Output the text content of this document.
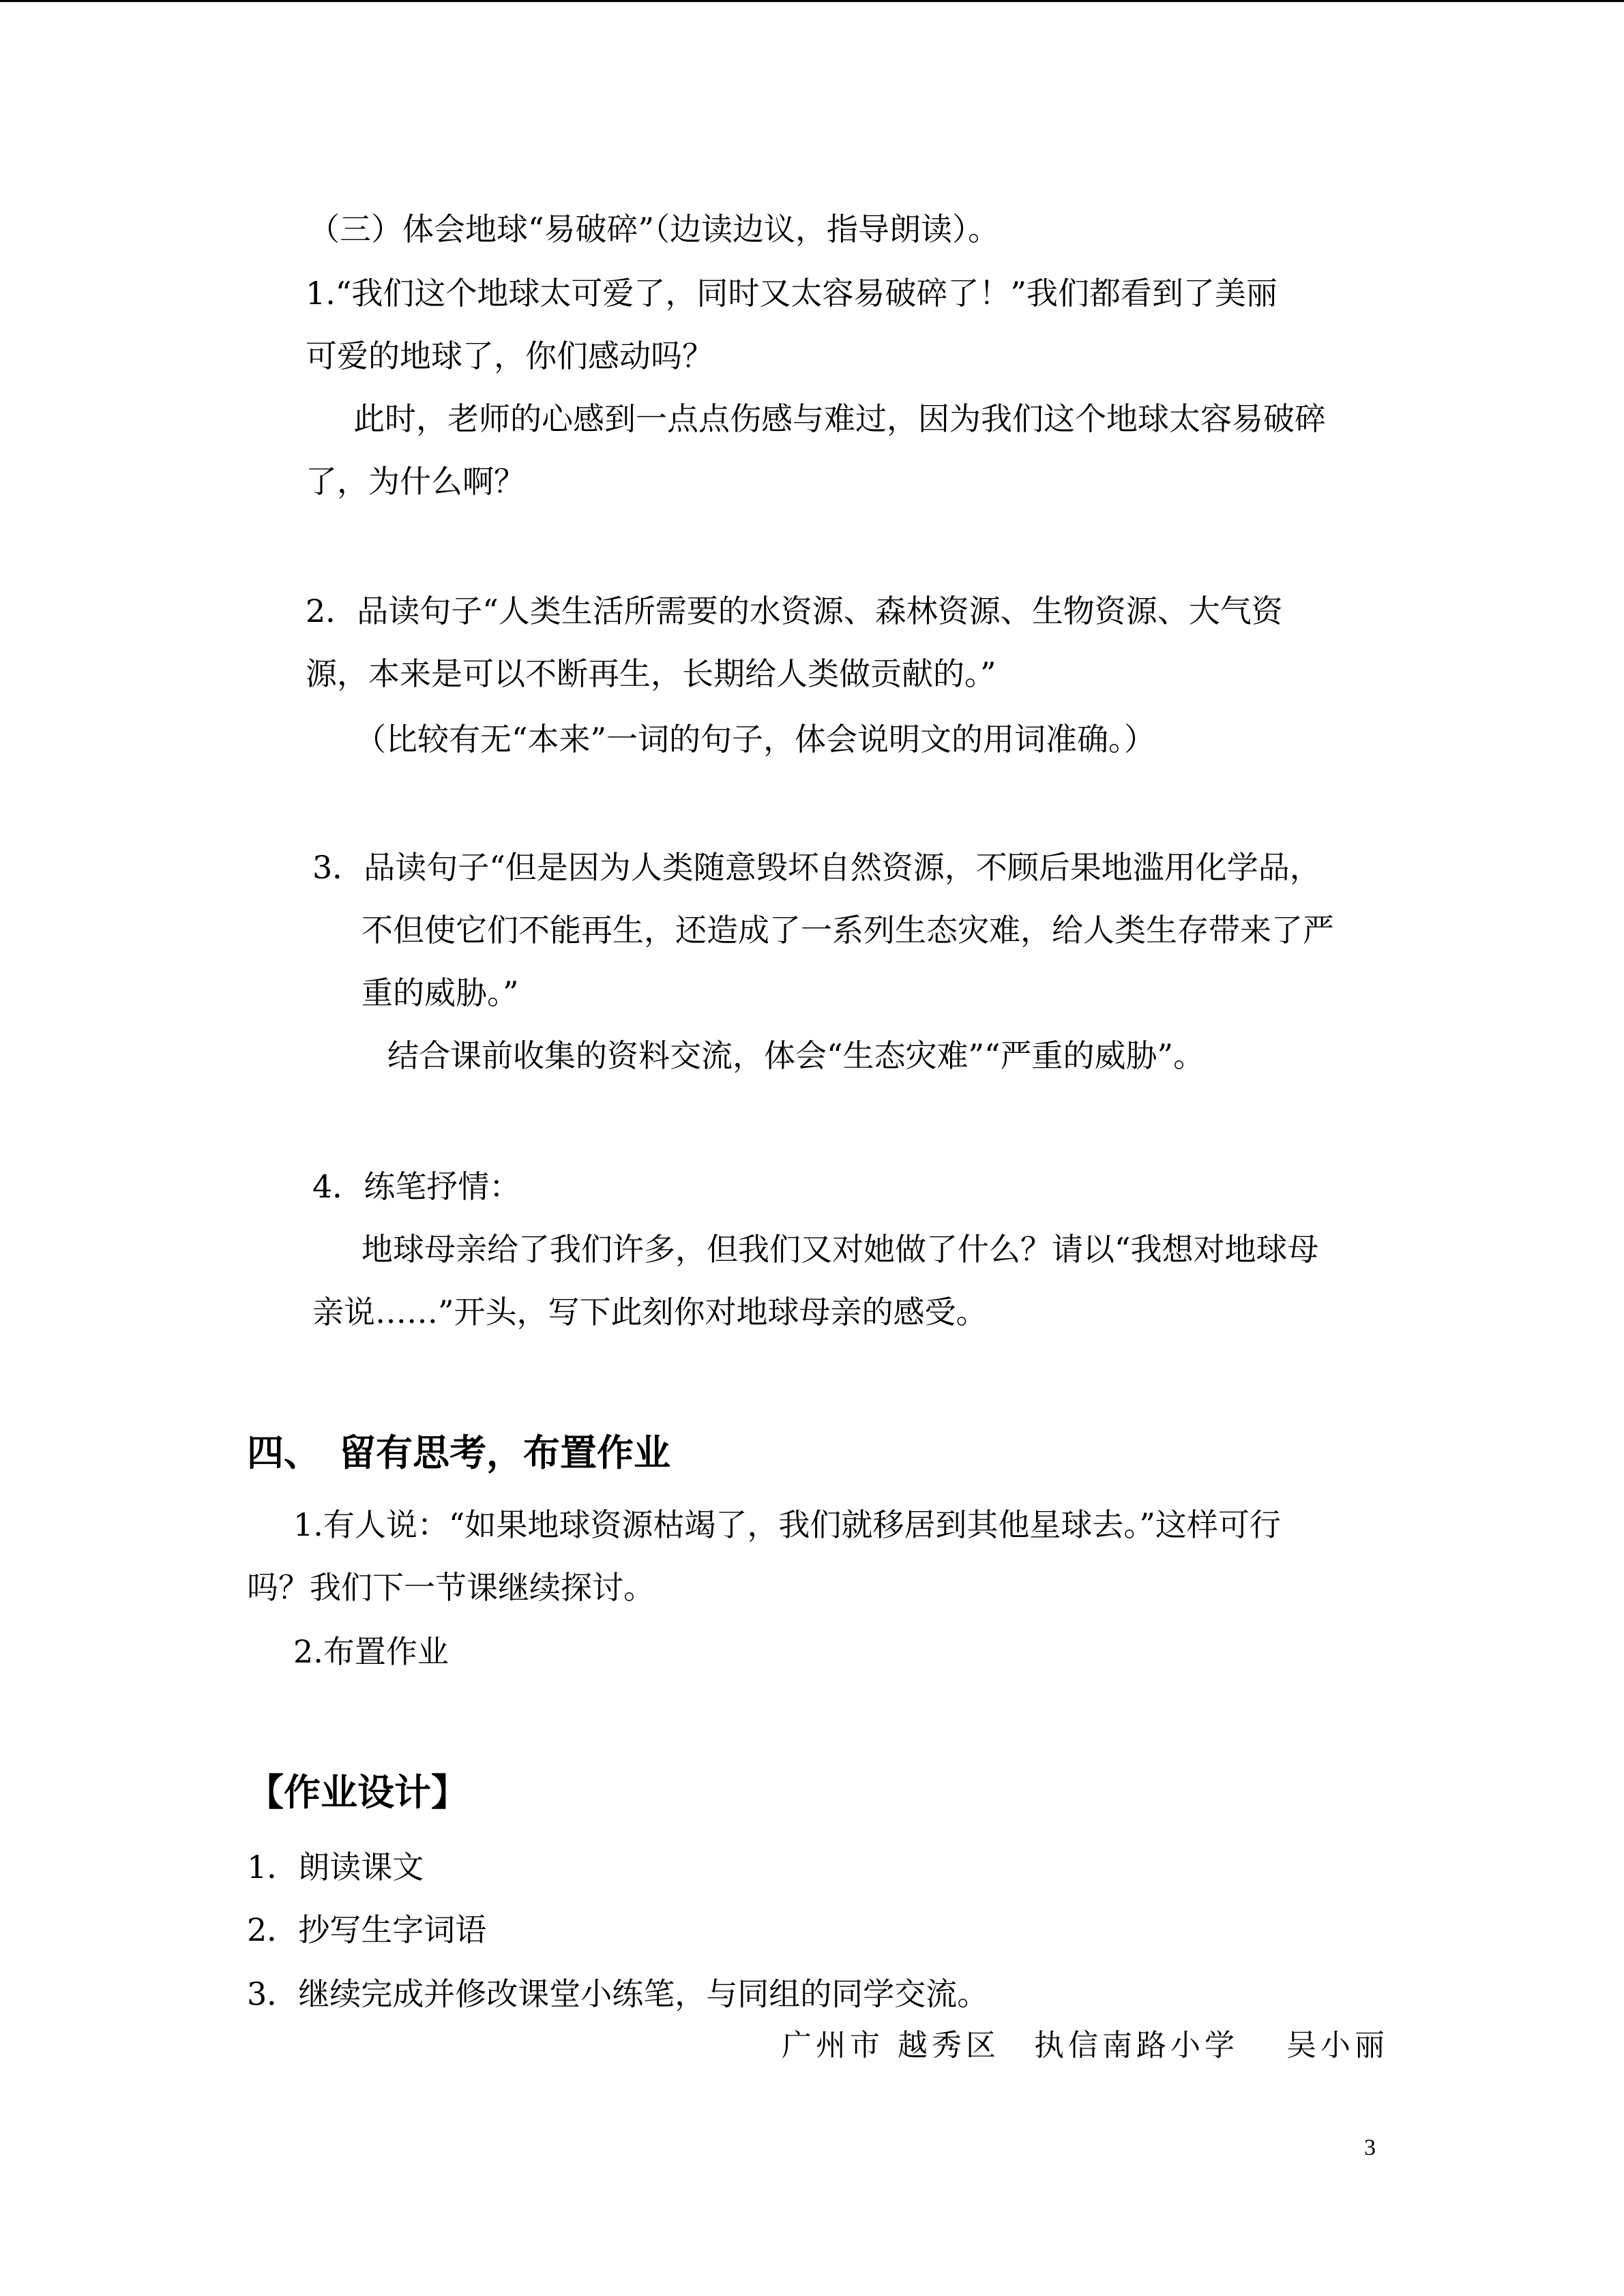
（三）体会地球“易破碎”（边读边议，指导朗读）。

1.“我们这个地球太可爱了，同时又太容易破碎了！”我们都看到了美丽

可爱的地球了，你们感动吗？

此时，老师的心感到一点点伤感与难过，因为我们这个地球太容易破碎

了，为什么啊？

2．品读句子“人类生活所需要的水资源、森林资源、生物资源、大气资

源，本来是可以不断再生，长期给人类做贡献的。”

（比较有无“本来”一词的句子，体会说明文的用词准确。）

3．品读句子“但是因为人类随意毁坏自然资源，不顾后果地滥用化学品，

不但使它们不能再生，还造成了一系列生态灾难，给人类生存带来了严

重的威胁。”

结合课前收集的资料交流，体会“生态灾难”“严重的威胁”。

4．练笔抒情：

地球母亲给了我们许多，但我们又对她做了什么？请以“我想对地球母

亲说……”开头，写下此刻你对地球母亲的感受。

四、　留有思考，布置作业

1.有人说：“如果地球资源枯竭了，我们就移居到其他星球去。”这样可行

吗？我们下一节课继续探讨。

2.布置作业

【作业设计】

1．朗读课文

2．抄写生字词语

3．继续完成并修改课堂小练笔，与同组的同学交流。

广州市 越秀区　执信南路小学　 吴小丽
3
